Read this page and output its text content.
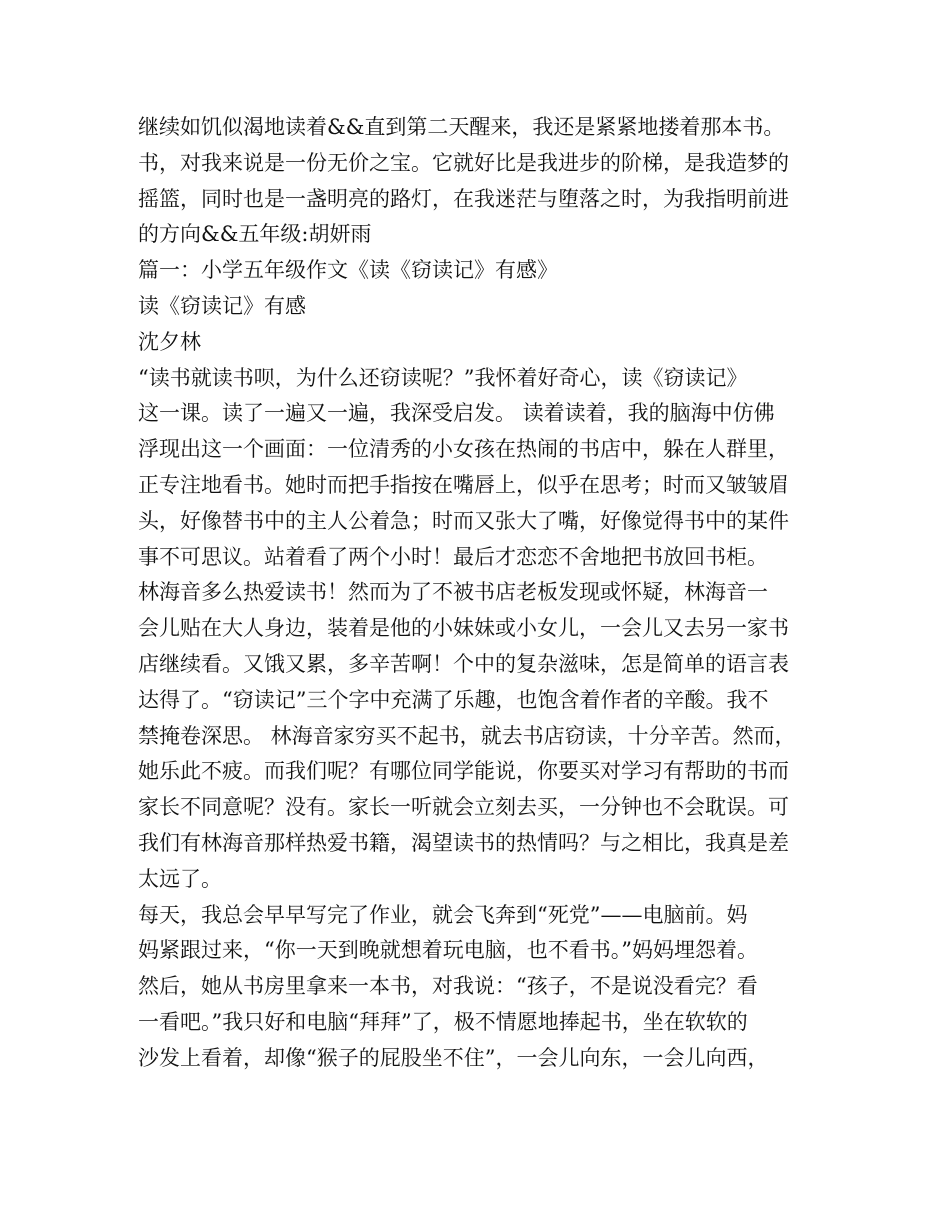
继续如饥似渴地读着&&直到第二天醒来，我还是紧紧地搂着那本书。
书，对我来说是一份无价之宝。它就好比是我进步的阶梯，是我造梦的
摇篮，同时也是一盏明亮的路灯，在我迷茫与堕落之时，为我指明前进
的方向&&五年级:胡妍雨
篇一：小学五年级作文《读《窃读记》有感》
读《窃读记》有感
沈夕林
“读书就读书呗，为什么还窃读呢？”我怀着好奇心，读《窃读记》
这一课。读了一遍又一遍，我深受启发。 读着读着，我的脑海中仿佛
浮现出这一个画面：一位清秀的小女孩在热闹的书店中，躲在人群里，
正专注地看书。她时而把手指按在嘴唇上，似乎在思考；时而又皱皱眉
头，好像替书中的主人公着急；时而又张大了嘴，好像觉得书中的某件
事不可思议。站着看了两个小时！最后才恋恋不舍地把书放回书柜。
林海音多么热爱读书！然而为了不被书店老板发现或怀疑，林海音一
会儿贴在大人身边，装着是他的小妹妹或小女儿，一会儿又去另一家书
店继续看。又饿又累，多辛苦啊！个中的复杂滋味，怎是简单的语言表
达得了。“窃读记”三个字中充满了乐趣，也饱含着作者的辛酸。我不
禁掩卷深思。 林海音家穷买不起书，就去书店窃读，十分辛苦。然而，
她乐此不疲。而我们呢？有哪位同学能说，你要买对学习有帮助的书而
家长不同意呢？没有。家长一听就会立刻去买，一分钟也不会耽误。可
我们有林海音那样热爱书籍，渴望读书的热情吗？与之相比，我真是差
太远了。
每天，我总会早早写完了作业，就会飞奔到“死党”——电脑前。妈
妈紧跟过来，“你一天到晚就想着玩电脑，也不看书。”妈妈埋怨着。
然后，她从书房里拿来一本书，对我说：“孩子，不是说没看完？看
一看吧。”我只好和电脑“拜拜”了，极不情愿地捧起书，坐在软软的
沙发上看着，却像“猴子的屁股坐不住”，一会儿向东，一会儿向西，
